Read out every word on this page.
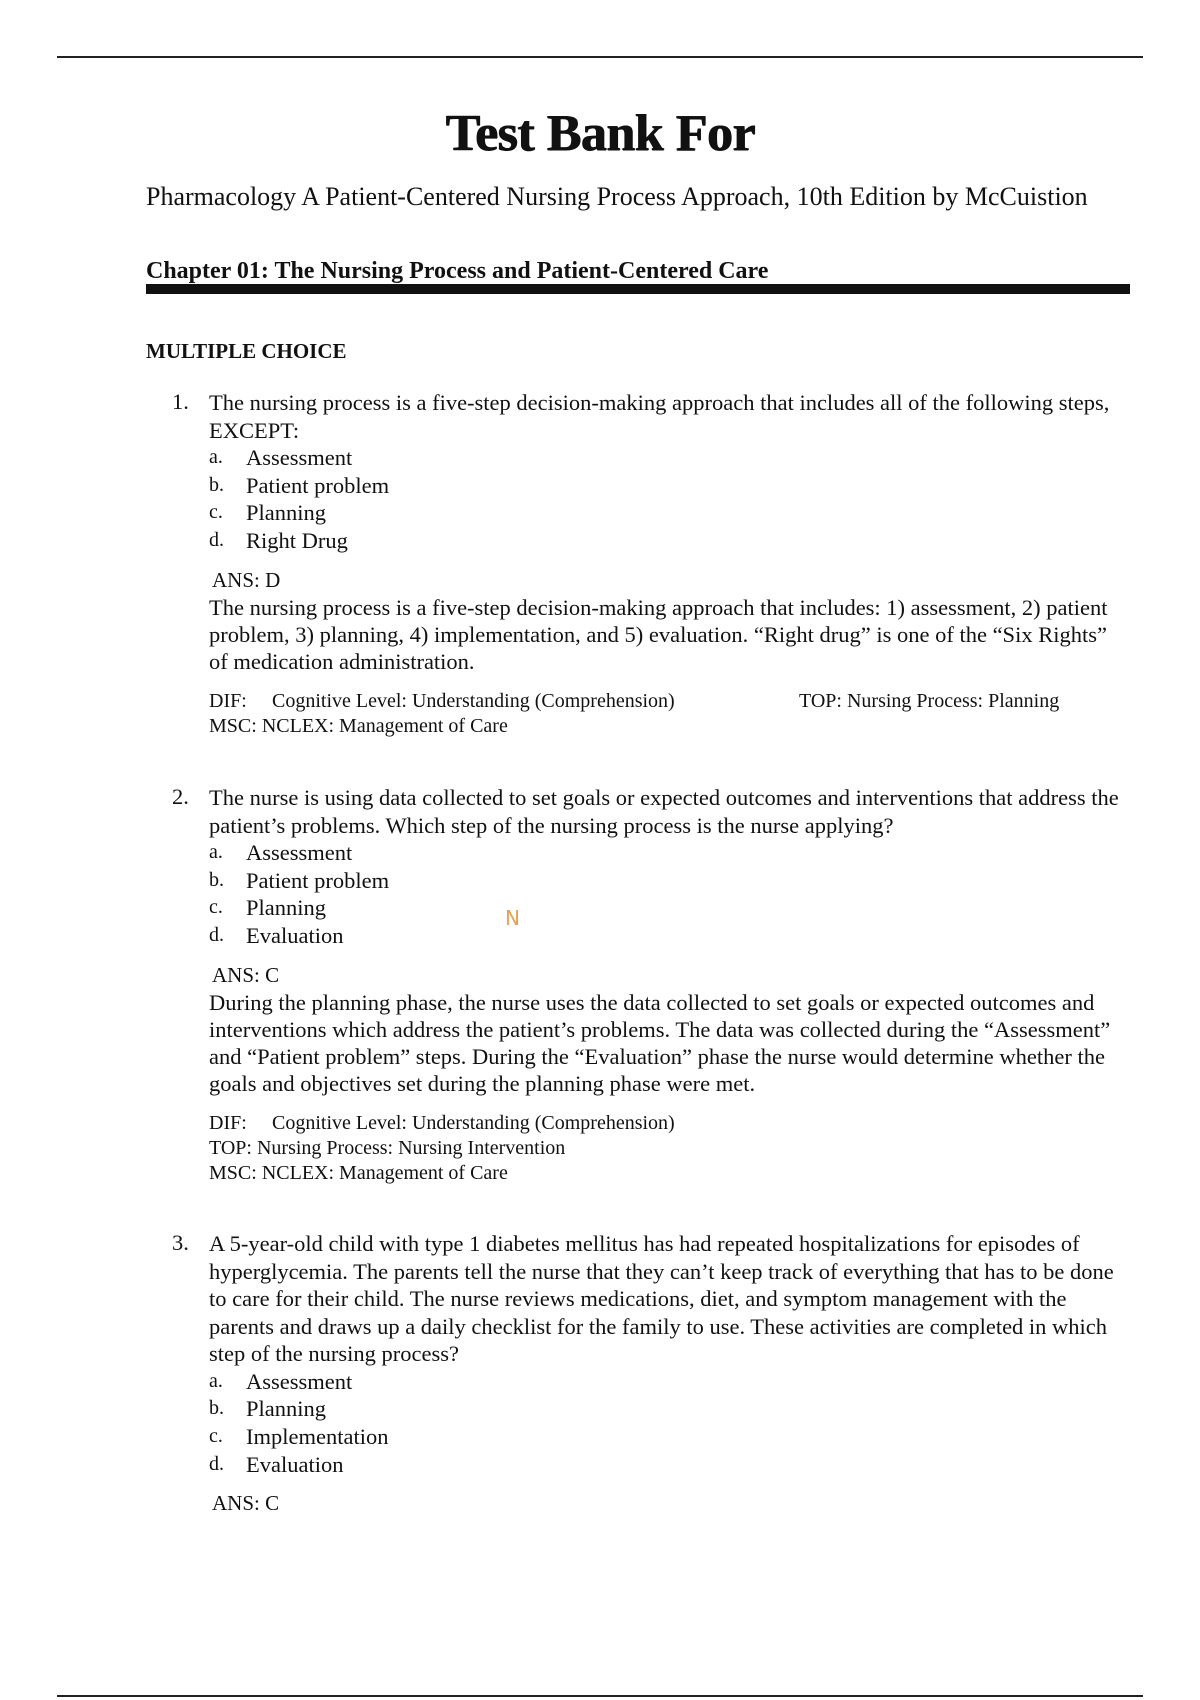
Test Bank For
Pharmacology A Patient-Centered Nursing Process Approach, 10th Edition by McCuistion
Chapter 01: The Nursing Process and Patient-Centered Care
MULTIPLE CHOICE
1. The nursing process is a five-step decision-making approach that includes all of the following steps, EXCEPT:
a. Assessment
b. Patient problem
c. Planning
d. Right Drug
ANS: D
The nursing process is a five-step decision-making approach that includes: 1) assessment, 2) patient problem, 3) planning, 4) implementation, and 5) evaluation. “Right drug” is one of the “Six Rights” of medication administration.
DIF: Cognitive Level: Understanding (Comprehension)	TOP: Nursing Process: Planning
MSC: NCLEX: Management of Care
2. The nurse is using data collected to set goals or expected outcomes and interventions that address the patient’s problems. Which step of the nursing process is the nurse applying?
a. Assessment
b. Patient problem
c. Planning
d. Evaluation
ANS: C
During the planning phase, the nurse uses the data collected to set goals or expected outcomes and interventions which address the patient’s problems. The data was collected during the “Assessment” and “Patient problem” steps. During the “Evaluation” phase the nurse would determine whether the goals and objectives set during the planning phase were met.
DIF: Cognitive Level: Understanding (Comprehension)
TOP: Nursing Process: Nursing Intervention
MSC: NCLEX: Management of Care
N
3. A 5-year-old child with type 1 diabetes mellitus has had repeated hospitalizations for episodes of hyperglycemia. The parents tell the nurse that they can’t keep track of everything that has to be done to care for their child. The nurse reviews medications, diet, and symptom management with the parents and draws up a daily checklist for the family to use. These activities are completed in which step of the nursing process?
a. Assessment
b. Planning
c. Implementation
d. Evaluation
ANS: C
